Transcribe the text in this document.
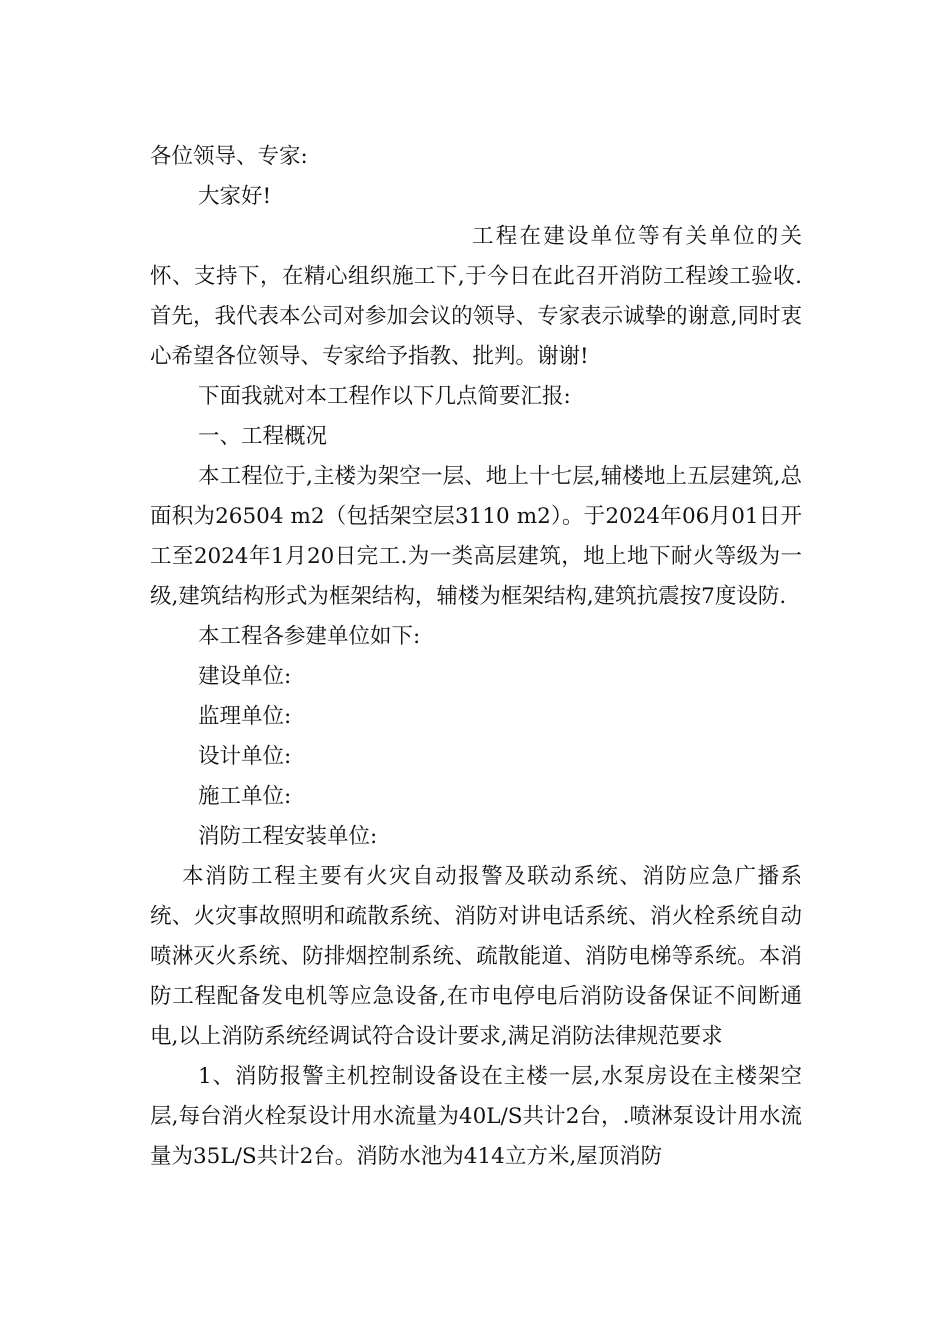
各位领导、专家:

大家好!

工程在建设单位等有关单位的关怀、支持下，在精心组织施工下,于今日在此召开消防工程竣工验收.首先，我代表本公司对参加会议的领导、专家表示诚挚的谢意,同时衷心希望各位领导、专家给予指教、批判。谢谢!

下面我就对本工程作以下几点简要汇报:

一、工程概况

本工程位于,主楼为架空一层、地上十七层,辅楼地上五层建筑,总面积为26504 m2（包括架空层3110 m2）。于2024年06月01日开工至2024年1月20日完工.为一类高层建筑，地上地下耐火等级为一级,建筑结构形式为框架结构，辅楼为框架结构,建筑抗震按7度设防.

本工程各参建单位如下:

建设单位:

监理单位:

设计单位:

施工单位:

消防工程安装单位:

本消防工程主要有火灾自动报警及联动系统、消防应急广播系统、火灾事故照明和疏散系统、消防对讲电话系统、消火栓系统自动喷淋灭火系统、防排烟控制系统、疏散能道、消防电梯等系统。本消防工程配备发电机等应急设备,在市电停电后消防设备保证不间断通电,以上消防系统经调试符合设计要求,满足消防法律规范要求

1、消防报警主机控制设备设在主楼一层,水泵房设在主楼架空层,每台消火栓泵设计用水流量为40L/S共计2台，.喷淋泵设计用水流量为35L/S共计2台。消防水池为414立方米,屋顶消防
